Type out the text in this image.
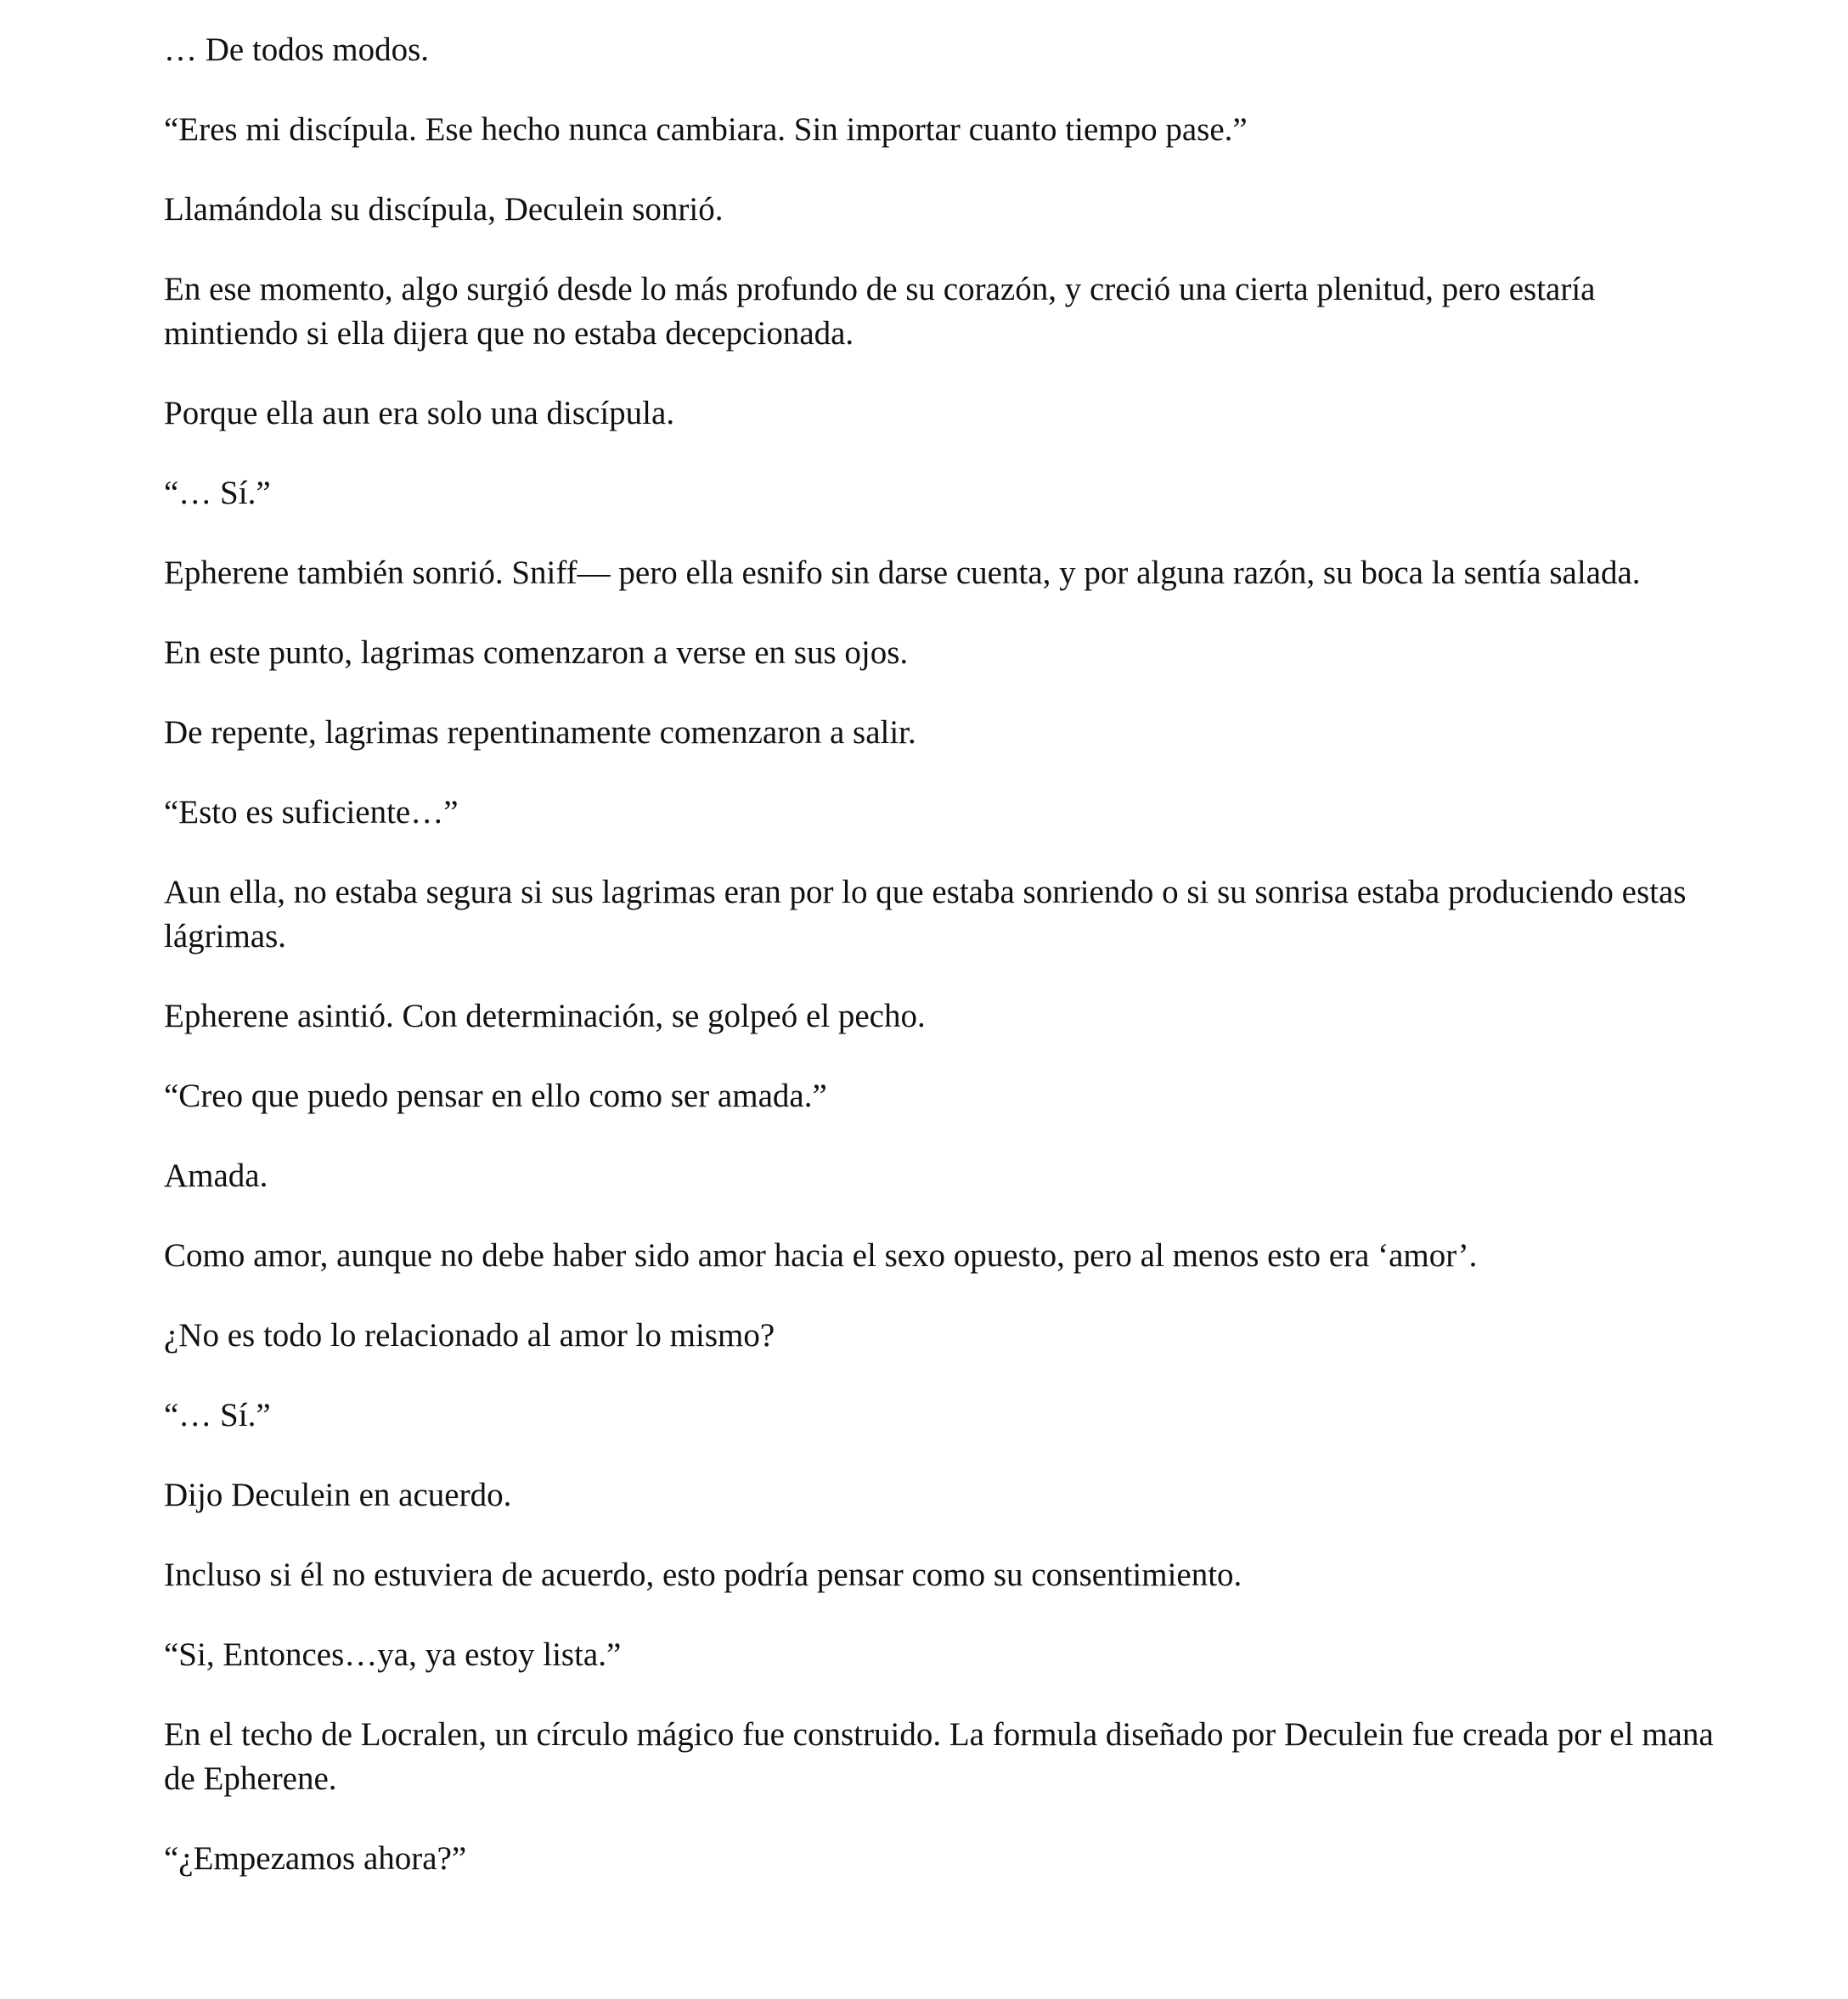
… De todos modos.

“Eres mi discípula. Ese hecho nunca cambiara. Sin importar cuanto tiempo pase.”

Llamándola su discípula, Deculein sonrió.

En ese momento, algo surgió desde lo más profundo de su corazón, y creció una cierta plenitud, pero estaría mintiendo si ella dijera que no estaba decepcionada.

Porque ella aun era solo una discípula.

“… Sí.”

Epherene también sonrió. Sniff— pero ella esnifo sin darse cuenta, y por alguna razón, su boca la sentía salada.

En este punto, lagrimas comenzaron a verse en sus ojos.

De repente, lagrimas repentinamente comenzaron a salir.

“Esto es suficiente…”

Aun ella, no estaba segura si sus lagrimas eran por lo que estaba sonriendo o si su sonrisa estaba produciendo estas lágrimas.

Epherene asintió. Con determinación, se golpeó el pecho.

“Creo que puedo pensar en ello como ser amada.”

Amada.

Como amor, aunque no debe haber sido amor hacia el sexo opuesto, pero al menos esto era ‘amor’.

¿No es todo lo relacionado al amor lo mismo?

“… Sí.”

Dijo Deculein en acuerdo.

Incluso si él no estuviera de acuerdo, esto podría pensar como su consentimiento.

“Si, Entonces…ya, ya estoy lista.”

En el techo de Locralen, un círculo mágico fue construido. La formula diseñado por Deculein fue creada por el mana de Epherene.

“¿Empezamos ahora?”
